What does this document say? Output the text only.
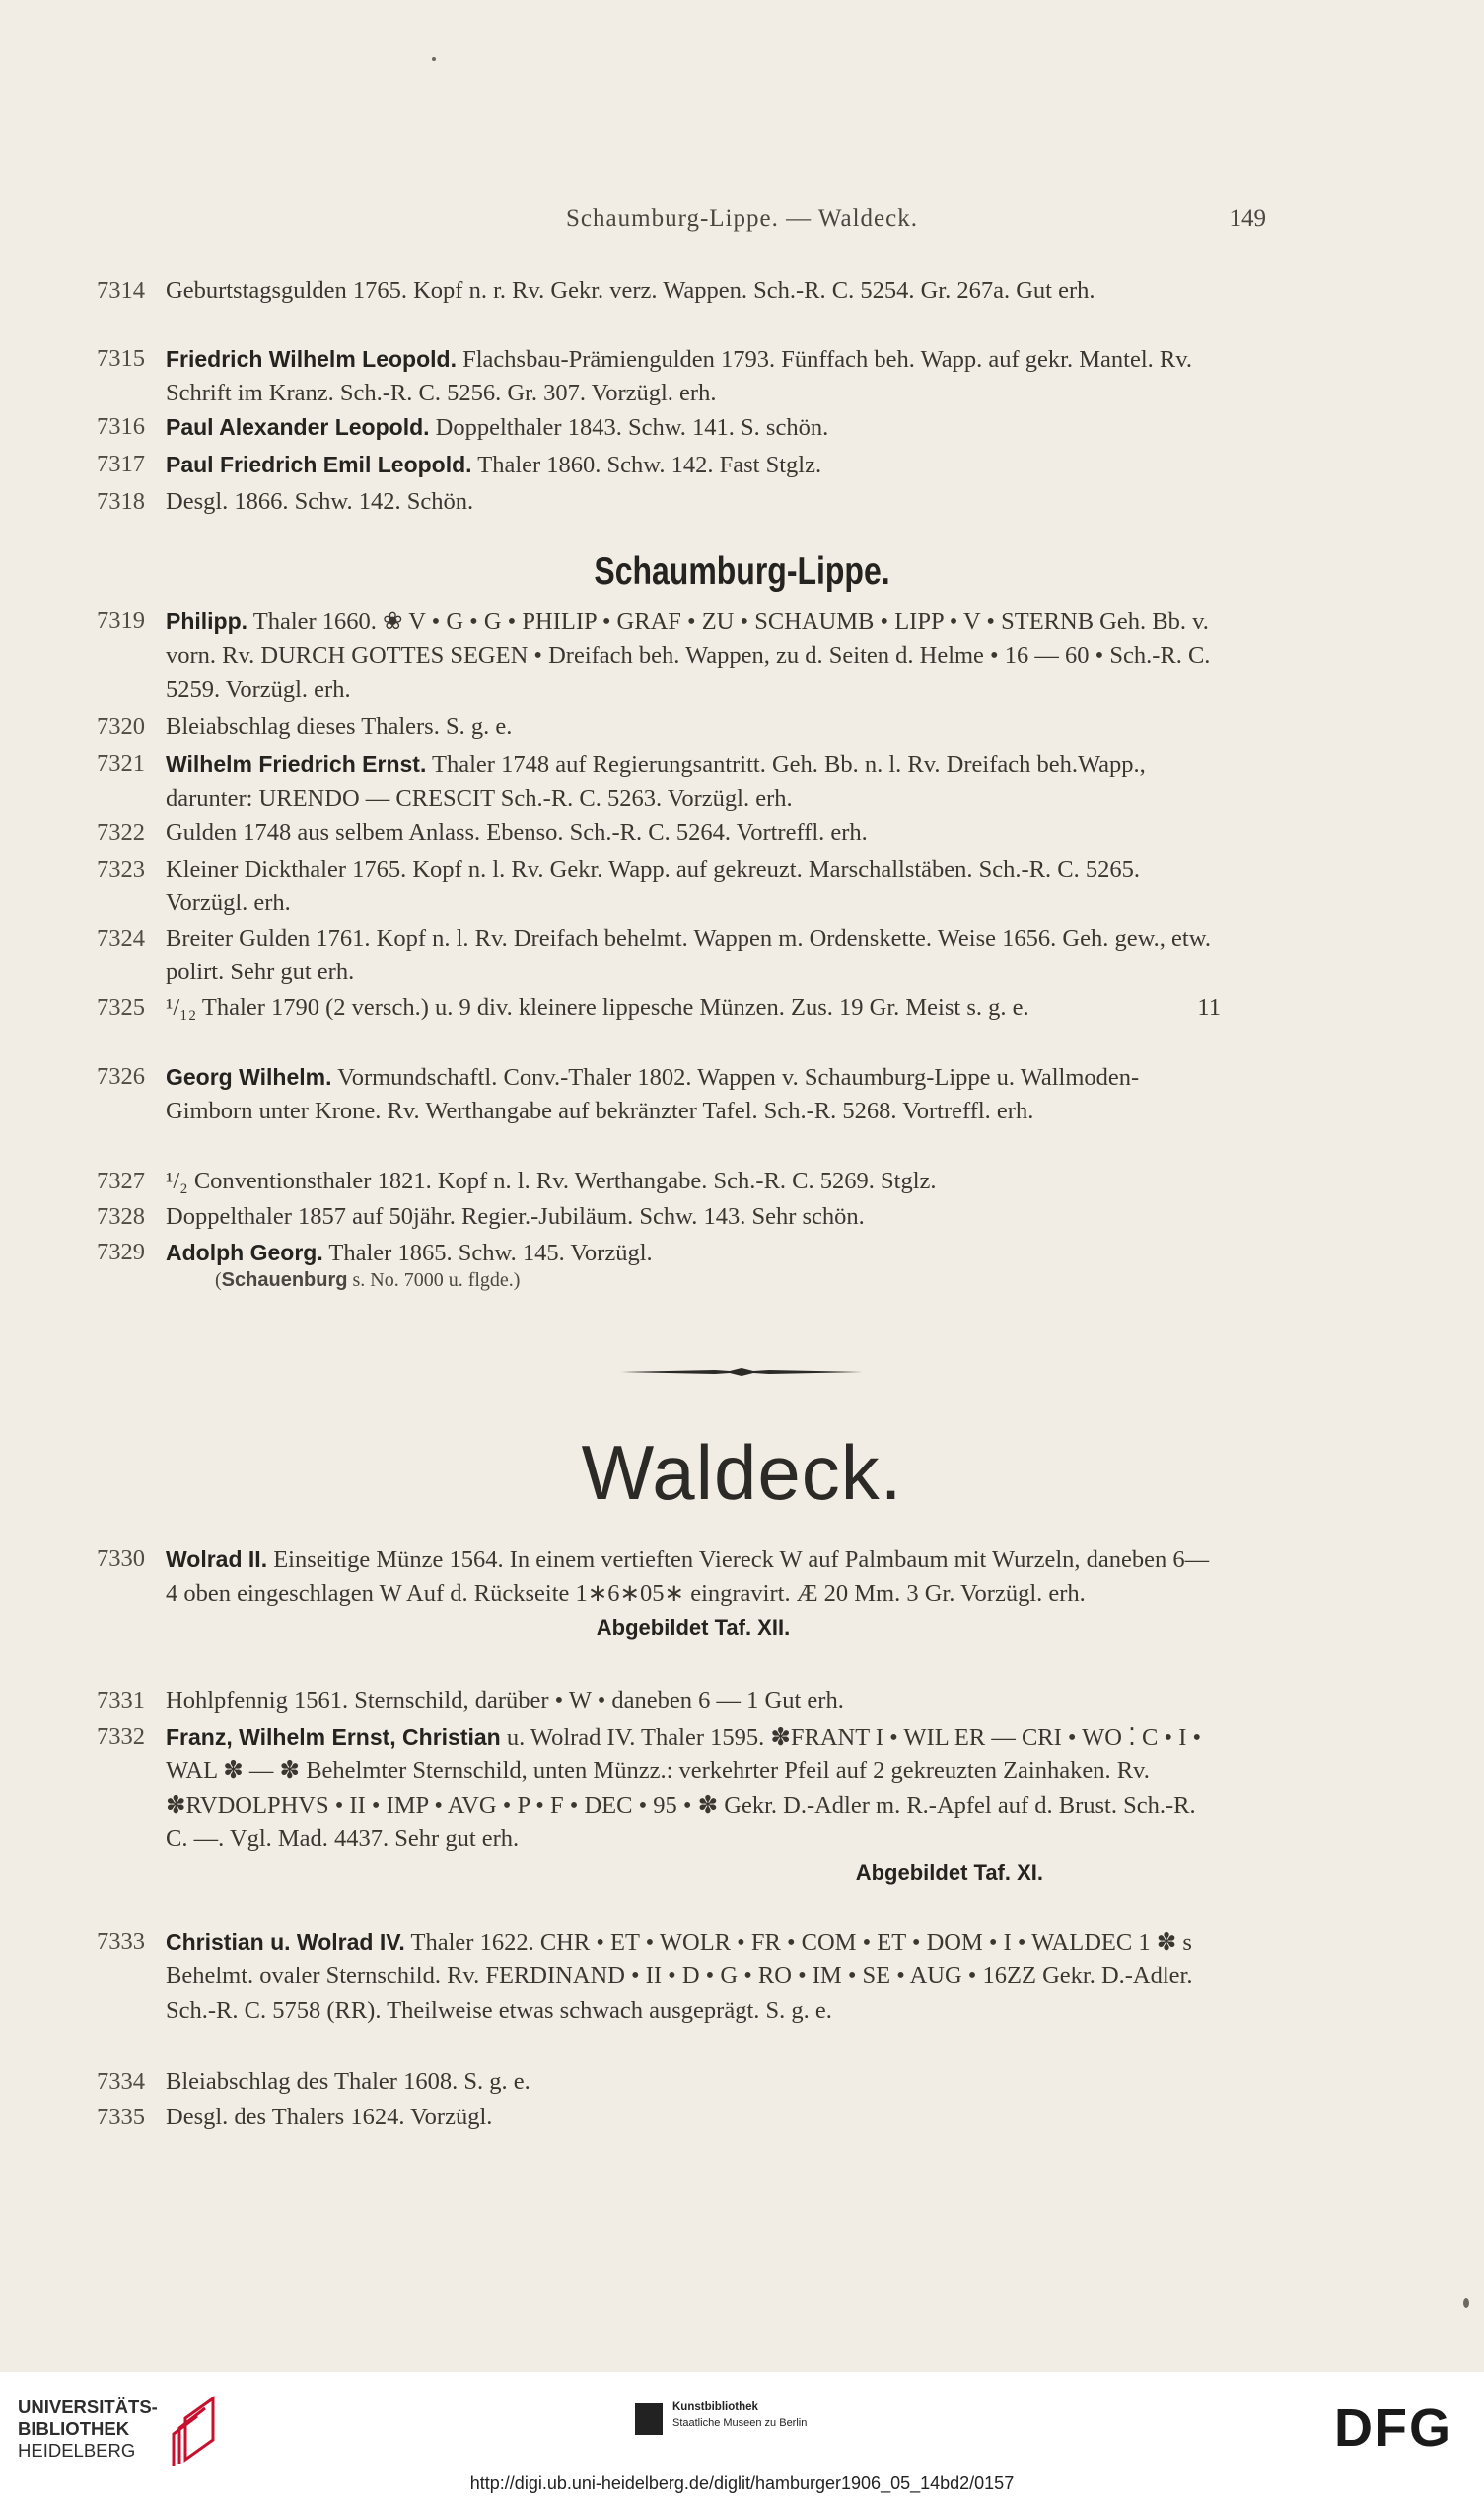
Schaumburg-Lippe. — Waldeck.	149
7314 Geburtstagsgulden 1765. Kopf n. r. Rv. Gekr. verz. Wappen. Sch.-R. C. 5254. Gr. 267a. Gut erh.
7315 Friedrich Wilhelm Leopold. Flachsbau-Prämiengulden 1793. Fünffach beh. Wapp. auf gekr. Mantel. Rv. Schrift im Kranz. Sch.-R. C. 5256. Gr. 307. Vorzügl. erh.
7316 Paul Alexander Leopold. Doppelthaler 1843. Schw. 141. S. schön.
7317 Paul Friedrich Emil Leopold. Thaler 1860. Schw. 142. Fast Stglz.
7318 Desgl. 1866. Schw. 142. Schön.
Schaumburg-Lippe.
7319 Philipp. Thaler 1660. ❀ V • G • G • PHILIP • GRAF • ZU • SCHAUMB • LIPP • V • STERNB Geh. Bb. v. vorn. Rv. DURCH GOTTES SEGEN • Dreifach beh. Wappen, zu d. Seiten d. Helme • 16 — 60 • Sch.-R. C. 5259. Vorzügl. erh.
7320 Bleiabschlag dieses Thalers. S. g. e.
7321 Wilhelm Friedrich Ernst. Thaler 1748 auf Regierungsantritt. Geh. Bb. n. l. Rv. Dreifach beh.Wapp., darunter: URENDO — CRESCIT Sch.-R. C. 5263. Vorzügl. erh.
7322 Gulden 1748 aus selbem Anlass. Ebenso. Sch.-R. C. 5264. Vortreffl. erh.
7323 Kleiner Dickthaler 1765. Kopf n. l. Rv. Gekr. Wapp. auf gekreuzt. Marschallstäben. Sch.-R. C. 5265. Vorzügl. erh.
7324 Breiter Gulden 1761. Kopf n. l. Rv. Dreifach behelmt. Wappen m. Ordenskette. Weise 1656. Geh. gew., etw. polirt. Sehr gut erh.
7325 ¹/₁₂ Thaler 1790 (2 versch.) u. 9 div. kleinere lippesche Münzen. Zus. 19 Gr. Meist s. g. e.	11
7326 Georg Wilhelm. Vormundschaftl. Conv.-Thaler 1802. Wappen v. Schaumburg-Lippe u. Wallmoden-Gimborn unter Krone. Rv. Werthangabe auf bekränzter Tafel. Sch.-R. 5268. Vortreffl. erh.
7327 ¹/₂ Conventionsthaler 1821. Kopf n. l. Rv. Werthangabe. Sch.-R. C. 5269. Stglz.
7328 Doppelthaler 1857 auf 50jähr. Regier.-Jubiläum. Schw. 143. Sehr schön.
7329 Adolph Georg. Thaler 1865. Schw. 145. Vorzügl.
(Schauenburg s. No. 7000 u. flgde.)
Waldeck.
7330 Wolrad II. Einseitige Münze 1564. In einem vertieften Viereck W auf Palmbaum mit Wurzeln, daneben 6—4 oben eingeschlagen W Auf d. Rückseite 1∗6∗05∗ eingravirt. Æ 20 Mm. 3 Gr. Vorzügl. erh.
Abgebildet Taf. XII.
7331 Hohlpfennig 1561. Sternschild, darüber • W • daneben 6 — 1 Gut erh.
7332 Franz, Wilhelm Ernst, Christian u. Wolrad IV. Thaler 1595. ✽FRANT I • WIL ER — CRI • WO ⁚ C • I • WAL ✽ — ✽ Behelmter Sternschild, unten Münzz.: verkehrter Pfeil auf 2 gekreuzten Zainhaken. Rv. ✽RVDOLPHVS • II • IMP • AVG • P • F • DEC • 95 • ✽ Gekr. D.-Adler m. R.-Apfel auf d. Brust. Sch.-R. C. —. Vgl. Mad. 4437. Sehr gut erh.
Abgebildet Taf. XI.
7333 Christian u. Wolrad IV. Thaler 1622. CHR • ET • WOLR • FR • COM • ET • DOM • I • WALDEC 1 ✽ s Behelmt. ovaler Sternschild. Rv. FERDINAND • II • D • G • RO • IM • SE • AUG • 16ZZ Gekr. D.-Adler. Sch.-R. C. 5758 (RR). Theilweise etwas schwach ausgeprägt. S. g. e.
7334 Bleiabschlag des Thaler 1608. S. g. e.
7335 Desgl. des Thalers 1624. Vorzügl.
UNIVERSITÄTS-
BIBLIOTHEK
HEIDELBERG
Kunstbibliothek
Staatliche Museen zu Berlin	DFG
http://digi.ub.uni-heidelberg.de/diglit/hamburger1906_05_14bd2/0157
